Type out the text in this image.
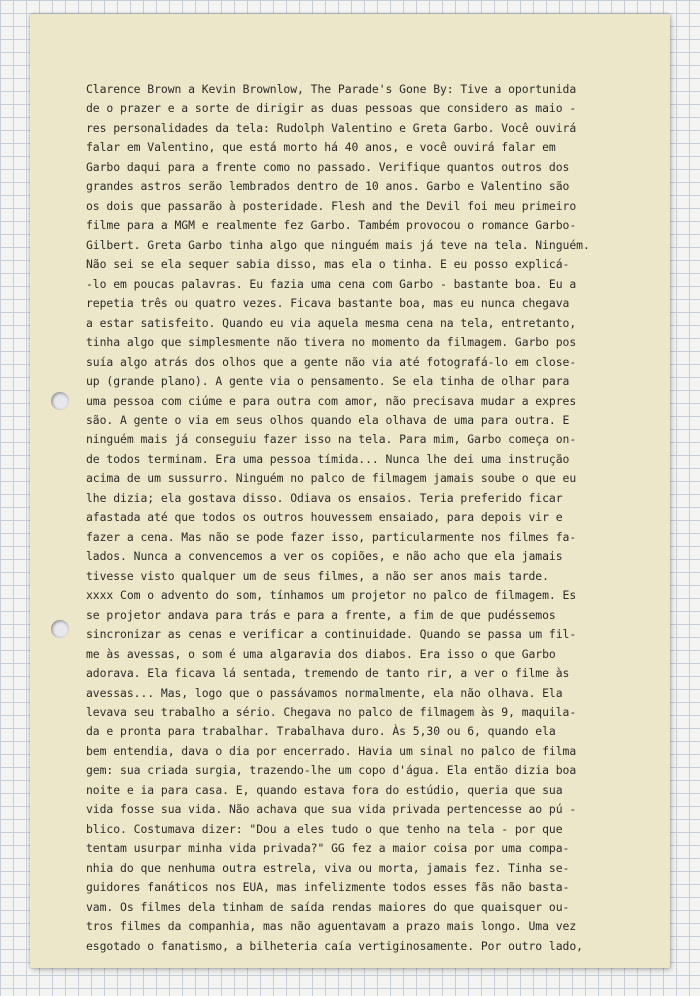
Clarence Brown a Kevin Brownlow, The Parade's Gone By: Tive a oportunida
de o prazer e a sorte de dirigir as duas pessoas que considero as maio -
res personalidades da tela: Rudolph Valentino e Greta Garbo. Você ouvirá
falar em Valentino, que está morto há 40 anos, e você ouvirá falar em
Garbo daqui para a frente como no passado. Verifique quantos outros dos
grandes astros serão lembrados dentro de 10 anos. Garbo e Valentino são
os dois que passarão à posteridade. Flesh and the Devil foi meu primeiro
filme para a MGM e realmente fez Garbo. Também provocou o romance Garbo-
Gilbert. Greta Garbo tinha algo que ninguém mais já teve na tela. Ninguém.
Não sei se ela sequer sabia disso, mas ela o tinha. E eu posso explicá-
-lo em poucas palavras. Eu fazia uma cena com Garbo - bastante boa. Eu a
repetia três ou quatro vezes. Ficava bastante boa, mas eu nunca chegava
a estar satisfeito. Quando eu via aquela mesma cena na tela, entretanto,
tinha algo que simplesmente não tivera no momento da filmagem. Garbo pos
suía algo atrás dos olhos que a gente não via até fotografá-lo em close-
up (grande plano). A gente via o pensamento. Se ela tinha de olhar para
uma pessoa com ciúme e para outra com amor, não precisava mudar a expres
são. A gente o via em seus olhos quando ela olhava de uma para outra. E
ninguém mais já conseguiu fazer isso na tela. Para mim, Garbo começa on-
de todos terminam. Era uma pessoa tímida... Nunca lhe dei uma instrução
acima de um sussurro. Ninguém no palco de filmagem jamais soube o que eu
lhe dizia; ela gostava disso. Odiava os ensaios. Teria preferido ficar
afastada até que todos os outros houvessem ensaiado, para depois vir e
fazer a cena. Mas não se pode fazer isso, particularmente nos filmes fa-
lados. Nunca a convencemos a ver os copiões, e não acho que ela jamais
tivesse visto qualquer um de seus filmes, a não ser anos mais tarde.
xxxx Com o advento do som, tínhamos um projetor no palco de filmagem. Es
se projetor andava para trás e para a frente, a fim de que pudéssemos
sincronizar as cenas e verificar a continuidade. Quando se passa um fil-
me às avessas, o som é uma algaravia dos diabos. Era isso o que Garbo
adorava. Ela ficava lá sentada, tremendo de tanto rir, a ver o filme às
avessas... Mas, logo que o passávamos normalmente, ela não olhava. Ela
levava seu trabalho a sério. Chegava no palco de filmagem às 9, maquila-
da e pronta para trabalhar. Trabalhava duro. Às 5,30 ou 6, quando ela
bem entendia, dava o dia por encerrado. Havia um sinal no palco de filma
gem: sua criada surgia, trazendo-lhe um copo d'água. Ela então dizia boa
noite e ia para casa. E, quando estava fora do estúdio, queria que sua
vida fosse sua vida. Não achava que sua vida privada pertencesse ao pú -
blico. Costumava dizer: "Dou a eles tudo o que tenho na tela - por que
tentam usurpar minha vida privada?" GG fez a maior coisa por uma compa-
nhia do que nenhuma outra estrela, viva ou morta, jamais fez. Tinha se-
guidores fanáticos nos EUA, mas infelizmente todos esses fãs não basta-
vam. Os filmes dela tinham de saída rendas maiores do que quaisquer ou-
tros filmes da companhia, mas não aguentavam a prazo mais longo. Uma vez
esgotado o fanatismo, a bilheteria caía vertiginosamente. Por outro lado,
